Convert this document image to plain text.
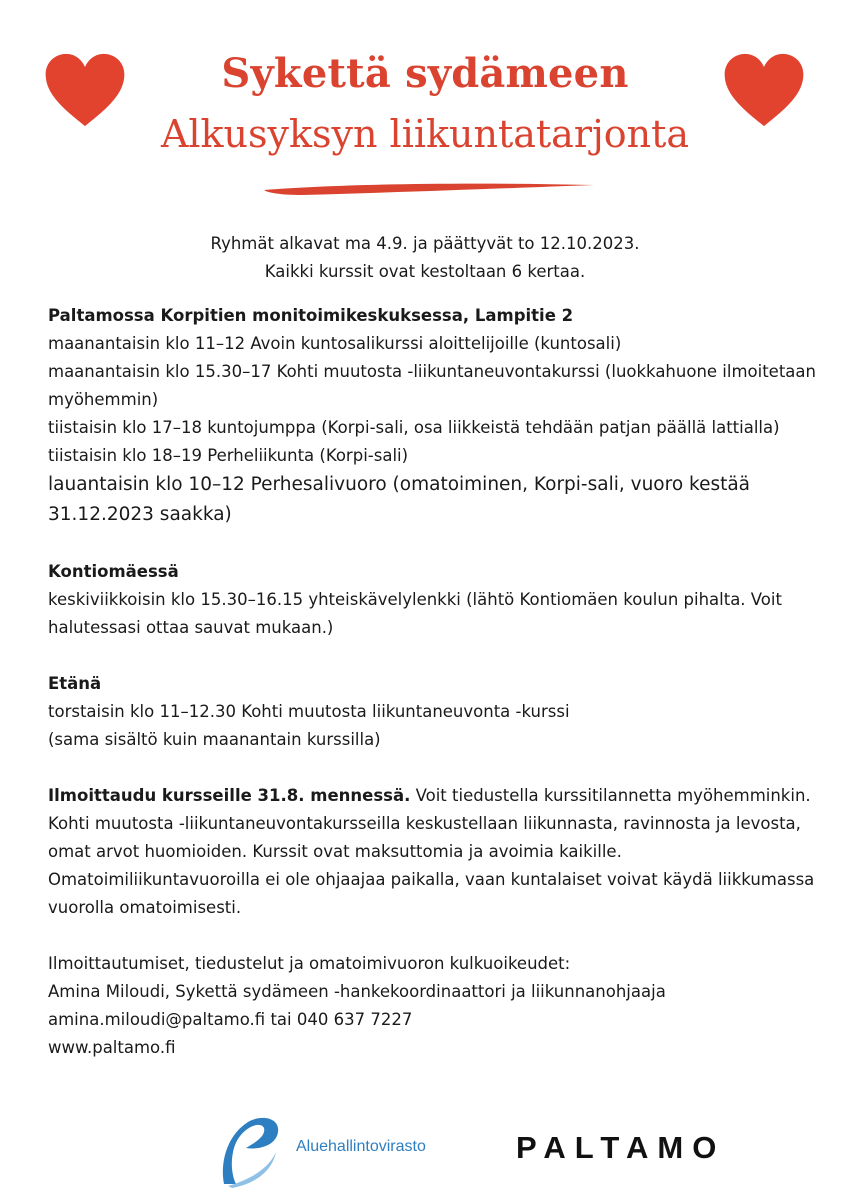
Sykettä sydämeen
Alkusyksyn liikuntatarjonta
Ryhmät alkavat ma 4.9. ja päättyvät to 12.10.2023.
Kaikki kurssit ovat kestoltaan 6 kertaa.

Paltamossa Korpitien monitoimikeskuksessa, Lampitie 2

maanantaisin klo 11–12 Avoin kuntosalikurssi aloittelijoille (kuntosali)

maanantaisin klo 15.30–17 Kohti muutosta -liikuntaneuvontakurssi (luokkahuone ilmoitetaan myöhemmin)

tiistaisin klo 17–18 kuntojumppa (Korpi-sali, osa liikkeistä tehdään patjan päällä lattialla)

tiistaisin klo 18–19 Perheliikunta (Korpi-sali)

lauantaisin klo 10–12 Perhesalivuoro (omatoiminen, Korpi-sali, vuoro kestää 31.12.2023 saakka)

Kontiomäessä

keskiviikkoisin klo 15.30–16.15 yhteiskävelylenkki (lähtö Kontiomäen koulun pihalta. Voit halutessasi ottaa sauvat mukaan.)

Etänä

torstaisin klo 11–12.30 Kohti muutosta liikuntaneuvonta -kurssi

(sama sisältö kuin maanantain kurssilla)

Ilmoittaudu kursseille 31.8. mennessä. Voit tiedustella kurssitilannetta myöhemminkin. Kohti muutosta -liikuntaneuvontakursseilla keskustellaan liikunnasta, ravinnosta ja levosta, omat arvot huomioiden. Kurssit ovat maksuttomia ja avoimia kaikille. Omatoimiliikuntavuoroilla ei ole ohjaajaa paikalla, vaan kuntalaiset voivat käydä liikkumassa vuorolla omatoimisesti.

Ilmoittautumiset, tiedustelut ja omatoimivuoron kulkuoikeudet:

Amina Miloudi, Sykettä sydämeen -hankekoordinaattori ja liikunnanohjaaja

amina.miloudi@paltamo.fi tai 040 637 7227

www.paltamo.fi

Aluehallintovirasto	PALTAMO
